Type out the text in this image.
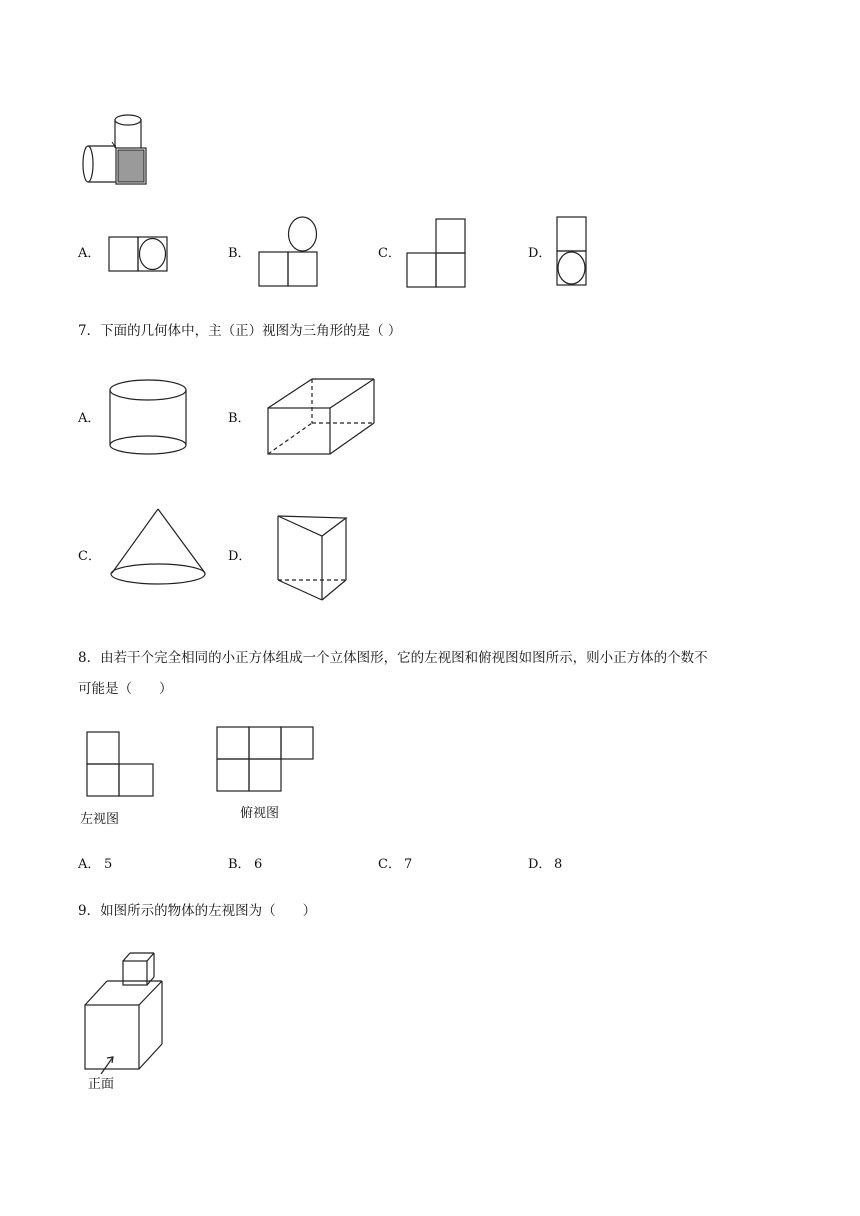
A．	B．	C．	D．
7．下面的几何体中，主（正）视图为三角形的是（ ）
A．	B．
C．	D．
8．由若干个完全相同的小正方体组成一个立体图形，它的左视图和俯视图如图所示，则小正方体的个数不
可能是（　　）
左视图	俯视图
A． 5	B． 6	C． 7	D． 8
9．如图所示的物体的左视图为（　　）
正面
